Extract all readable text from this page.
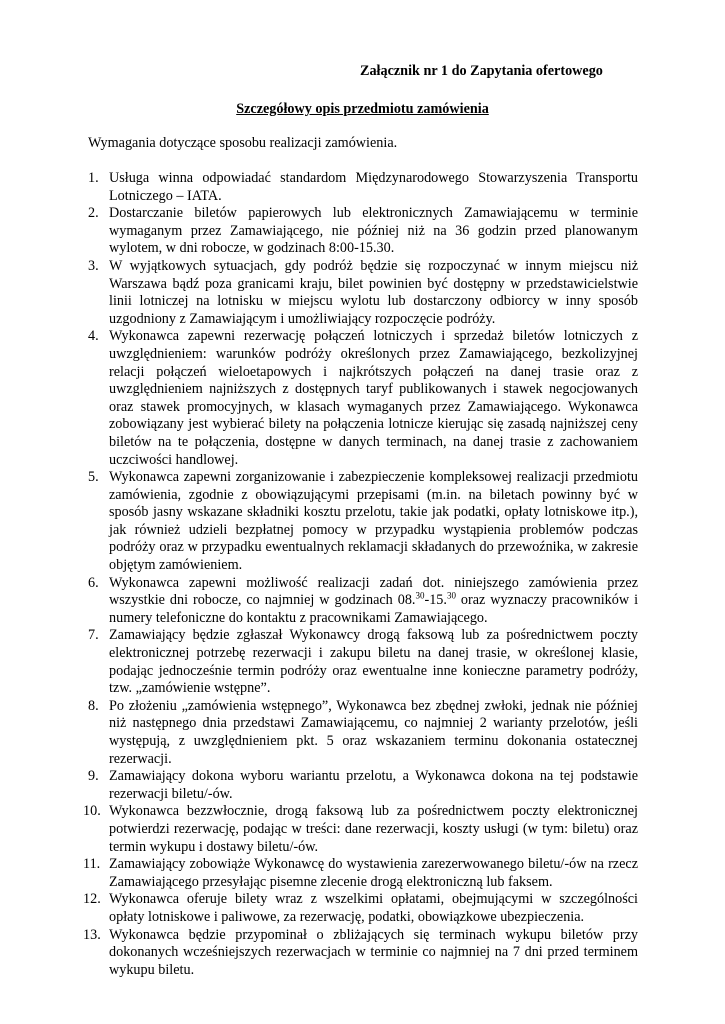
Załącznik nr 1 do Zapytania ofertowego
Szczegółowy opis przedmiotu zamówienia
Wymagania dotyczące sposobu realizacji zamówienia.
1. Usługa winna odpowiadać standardom Międzynarodowego Stowarzyszenia Transportu Lotniczego – IATA.
2. Dostarczanie biletów papierowych lub elektronicznych Zamawiającemu w terminie wymaganym przez Zamawiającego, nie później niż na 36 godzin przed planowanym wylotem, w dni robocze, w godzinach 8:00-15.30.
3. W wyjątkowych sytuacjach, gdy podróż będzie się rozpoczynać w innym miejscu niż Warszawa bądź poza granicami kraju, bilet powinien być dostępny w przedstawicielstwie linii lotniczej na lotnisku w miejscu wylotu lub dostarczony odbiorcy w inny sposób uzgodniony z Zamawiającym i umożliwiający rozpoczęcie podróży.
4. Wykonawca zapewni rezerwację połączeń lotniczych i sprzedaż biletów lotniczych z uwzględnieniem: warunków podróży określonych przez Zamawiającego, bezkolizyjnej relacji połączeń wieloetapowych i najkrótszych połączeń na danej trasie oraz z uwzględnieniem najniższych z dostępnych taryf publikowanych i stawek negocjowanych oraz stawek promocyjnych, w klasach wymaganych przez Zamawiającego. Wykonawca zobowiązany jest wybierać bilety na połączenia lotnicze kierując się zasadą najniższej ceny biletów na te połączenia, dostępne w danych terminach, na danej trasie z zachowaniem uczciwości handlowej.
5. Wykonawca zapewni zorganizowanie i zabezpieczenie kompleksowej realizacji przedmiotu zamówienia, zgodnie z obowiązującymi przepisami (m.in. na biletach powinny być w sposób jasny wskazane składniki kosztu przelotu, takie jak podatki, opłaty lotniskowe itp.), jak również udzieli bezpłatnej pomocy w przypadku wystąpienia problemów podczas podróży oraz w przypadku ewentualnych reklamacji składanych do przewoźnika, w zakresie objętym zamówieniem.
6. Wykonawca zapewni możliwość realizacji zadań dot. niniejszego zamówienia przez wszystkie dni robocze, co najmniej w godzinach 08.30-15.30 oraz wyznaczy pracowników i numery telefoniczne do kontaktu z pracownikami Zamawiającego.
7. Zamawiający będzie zgłaszał Wykonawcy drogą faksową lub za pośrednictwem poczty elektronicznej potrzebę rezerwacji i zakupu biletu na danej trasie, w określonej klasie, podając jednocześnie termin podróży oraz ewentualne inne konieczne parametry podróży, tzw. „zamówienie wstępne”.
8. Po złożeniu „zamówienia wstępnego”, Wykonawca bez zbędnej zwłoki, jednak nie później niż następnego dnia przedstawi Zamawiającemu, co najmniej 2 warianty przelotów, jeśli występują, z uwzględnieniem pkt. 5 oraz wskazaniem terminu dokonania ostatecznej rezerwacji.
9. Zamawiający dokona wyboru wariantu przelotu, a Wykonawca dokona na tej podstawie rezerwacji biletu/-ów.
10. Wykonawca bezzwłocznie, drogą faksową lub za pośrednictwem poczty elektronicznej potwierdzi rezerwację, podając w treści: dane rezerwacji, koszty usługi (w tym: biletu) oraz termin wykupu i dostawy biletu/-ów.
11. Zamawiający zobowiąże Wykonawcę do wystawienia zarezerwowanego biletu/-ów na rzecz Zamawiającego przesyłając pisemne zlecenie drogą elektroniczną lub faksem.
12. Wykonawca oferuje bilety wraz z wszelkimi opłatami, obejmującymi w szczególności opłaty lotniskowe i paliwowe, za rezerwację, podatki, obowiązkowe ubezpieczenia.
13. Wykonawca będzie przypominał o zbliżających się terminach wykupu biletów przy dokonanych wcześniejszych rezerwacjach w terminie co najmniej na 7 dni przed terminem wykupu biletu.
